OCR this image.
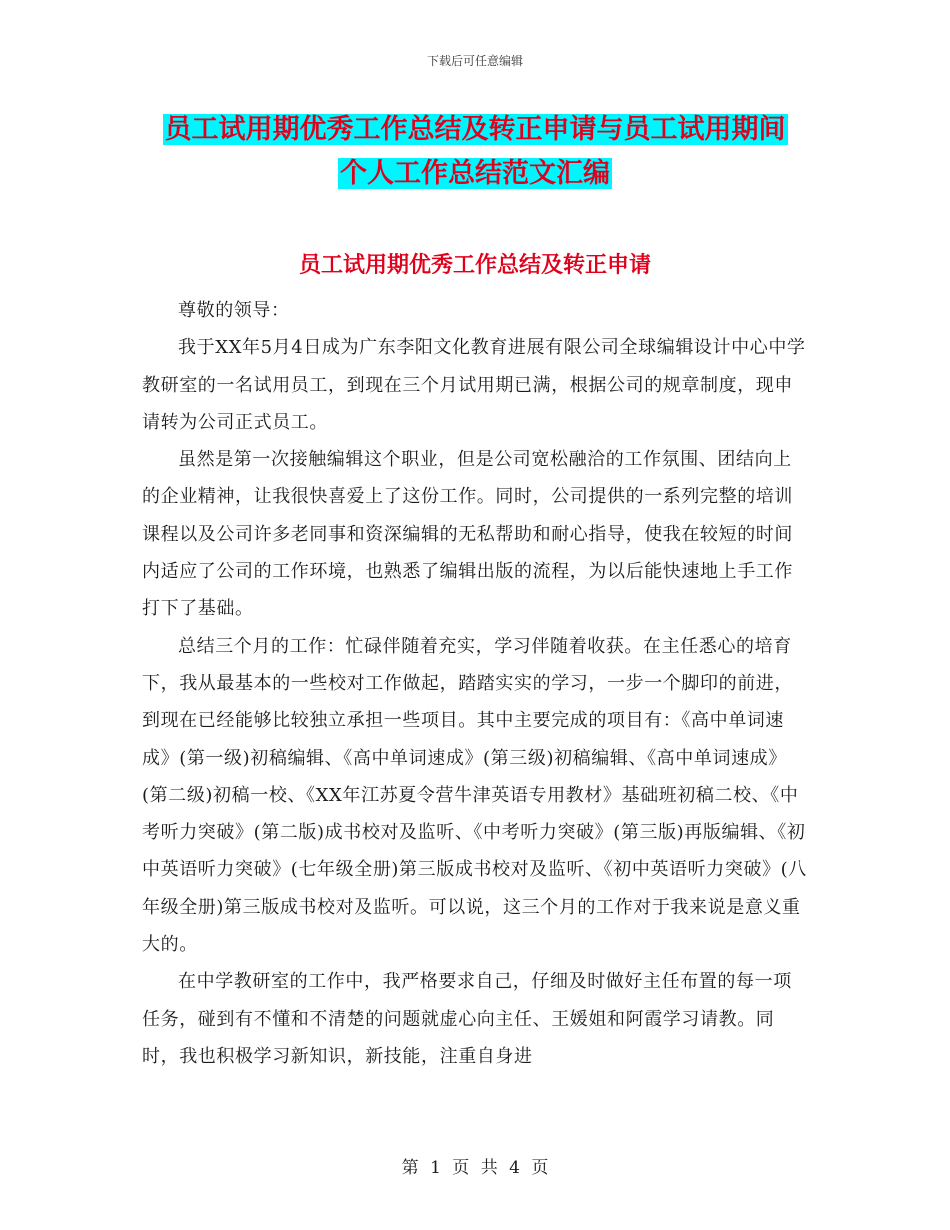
下载后可任意编辑
员工试用期优秀工作总结及转正申请与员工试用期间
个人工作总结范文汇编
员工试用期优秀工作总结及转正申请

尊敬的领导：

我于XX年5月4日成为广东李阳文化教育进展有限公司全球编辑设计中心中学教研室的一名试用员工，到现在三个月试用期已满，根据公司的规章制度，现申请转为公司正式员工。

虽然是第一次接触编辑这个职业，但是公司宽松融洽的工作氛围、团结向上的企业精神，让我很快喜爱上了这份工作。同时，公司提供的一系列完整的培训课程以及公司许多老同事和资深编辑的无私帮助和耐心指导，使我在较短的时间内适应了公司的工作环境，也熟悉了编辑出版的流程，为以后能快速地上手工作打下了基础。

总结三个月的工作：忙碌伴随着充实，学习伴随着收获。在主任悉心的培育下，我从最基本的一些校对工作做起，踏踏实实的学习，一步一个脚印的前进，到现在已经能够比较独立承担一些项目。其中主要完成的项目有：《高中单词速成》(第一级)初稿编辑、《高中单词速成》(第三级)初稿编辑、《高中单词速成》(第二级)初稿一校、《XX年江苏夏令营牛津英语专用教材》基础班初稿二校、《中考听力突破》(第二版)成书校对及监听、《中考听力突破》(第三版)再版编辑、《初中英语听力突破》(七年级全册)第三版成书校对及监听、《初中英语听力突破》(八年级全册)第三版成书校对及监听。可以说，这三个月的工作对于我来说是意义重大的。

在中学教研室的工作中，我严格要求自己，仔细及时做好主任布置的每一项任务，碰到有不懂和不清楚的问题就虚心向主任、王媛姐和阿霞学习请教。同时，我也积极学习新知识，新技能，注重自身进

第 1 页 共 4 页
